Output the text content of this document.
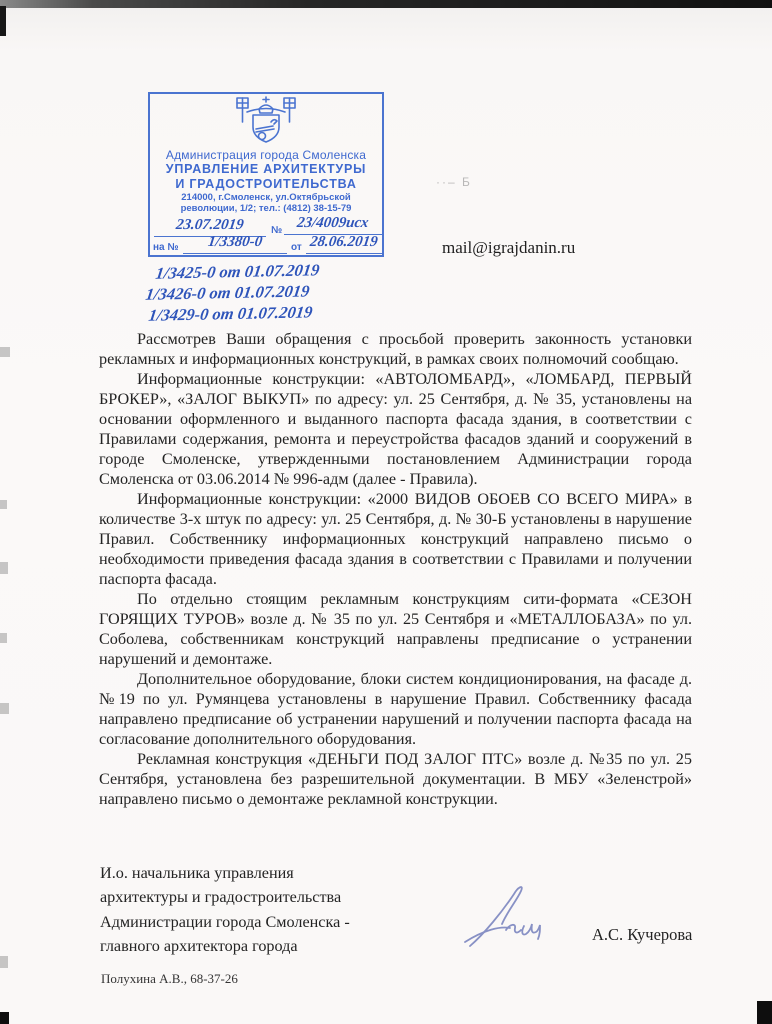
Администрация города Смоленска
УПРАВЛЕНИЕ АРХИТЕКТУРЫ
И ГРАДОСТРОИТЕЛЬСТВА
214000, г.Смоленск, ул.Октябрьской
революции, 1/2; тел.: (4812) 38-15-79
23.07.2019	№ 23/4009исх
на №	1/3380-0	от 28.06.2019
1/3425-0 от 01.07.2019
1/3426-0 от 01.07.2019
1/3429-0 от 01.07.2019
··– Б
mail@igrajdanin.ru

Рассмотрев Ваши обращения с просьбой проверить законность установки рекламных и информационных конструкций, в рамках своих полномочий сообщаю.

Информационные конструкции: «АВТОЛОМБАРД», «ЛОМБАРД, ПЕРВЫЙ БРОКЕР», «ЗАЛОГ ВЫКУП» по адресу: ул. 25 Сентября, д. № 35, установлены на основании оформленного и выданного паспорта фасада здания, в соответствии с Правилами содержания, ремонта и переустройства фасадов зданий и сооружений в городе Смоленске, утвержденными постановлением Администрации города Смоленска от 03.06.2014 № 996-адм (далее - Правила).

Информационные конструкции: «2000 ВИДОВ ОБОЕВ СО ВСЕГО МИРА» в количестве 3-х штук по адресу: ул. 25 Сентября, д. № 30-Б установлены в нарушение Правил. Собственнику информационных конструкций направлено письмо о необходимости приведения фасада здания в соответствии с Правилами и получении паспорта фасада.

По отдельно стоящим рекламным конструкциям сити-формата «СЕЗОН ГОРЯЩИХ ТУРОВ» возле д. № 35 по ул. 25 Сентября и «МЕТАЛЛОБАЗА» по ул. Соболева, собственникам конструкций направлены предписание о устранении нарушений и демонтаже.

Дополнительное оборудование, блоки систем кондиционирования, на фасаде д. №19 по ул. Румянцева установлены в нарушение Правил. Собственнику фасада направлено предписание об устранении нарушений и получении паспорта фасада на согласование дополнительного оборудования.

Рекламная конструкция «ДЕНЬГИ ПОД ЗАЛОГ ПТС» возле д. №35 по ул. 25 Сентября, установлена без разрешительной документации. В МБУ «Зеленстрой» направлено письмо о демонтаже рекламной конструкции.

И.о. начальника управления
архитектуры и градостроительства
Администрации города Смоленска -
главного архитектора города
А.С. Кучерова
Полухина А.В., 68-37-26
